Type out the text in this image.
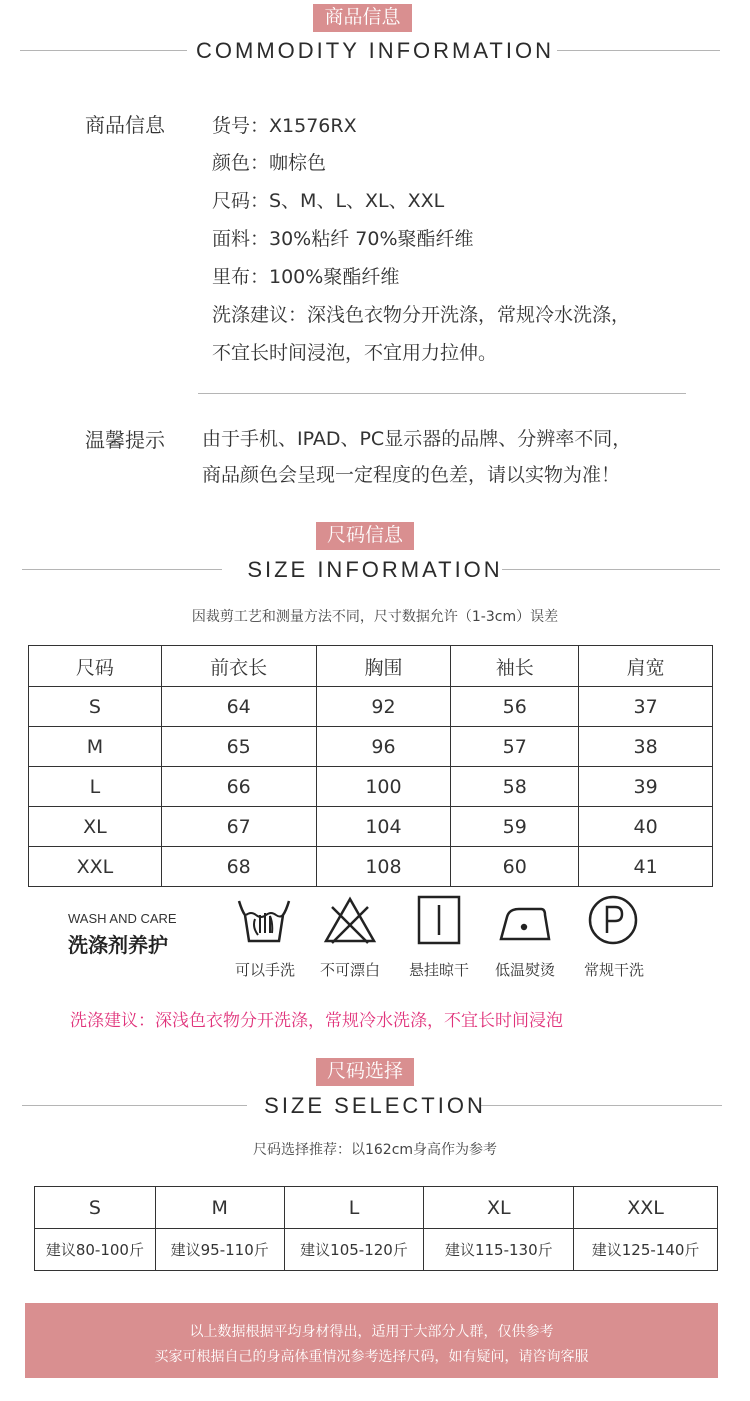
商品信息
COMMODITY INFORMATION
商品信息 货号：X1576RX
颜色：咖棕色
尺码：S、M、L、XL、XXL
面料：30%粘纤 70%聚酯纤维
里布：100%聚酯纤维
洗涤建议：深浅色衣物分开洗涤，常规冷水洗涤，
不宜长时间浸泡，不宜用力拉伸。
温馨提示 由于手机、IPAD、PC显示器的品牌、分辨率不同，
商品颜色会呈现一定程度的色差，请以实物为准！
尺码信息
SIZE INFORMATION
因裁剪工艺和测量方法不同，尺寸数据允许（1-3cm）误差
尺码	前衣长	胸围	袖长	肩宽
S	64	92	56	37
M	65	96	57	38
L	66	100	58	39
XL	67	104	59	40
XXL	68	108	60	41
WASH AND CARE
洗涤剂养护
可以手洗	不可漂白	悬挂晾干	低温熨烫	常规干洗
洗涤建议：深浅色衣物分开洗涤，常规冷水洗涤，不宜长时间浸泡
尺码选择
SIZE SELECTION
尺码选择推荐：以162cm身高作为参考
S	M	L	XL	XXL
建议80-100斤	建议95-110斤	建议105-120斤	建议115-130斤	建议125-140斤
以上数据根据平均身材得出，适用于大部分人群，仅供参考
买家可根据自己的身高体重情况参考选择尺码，如有疑问，请咨询客服
